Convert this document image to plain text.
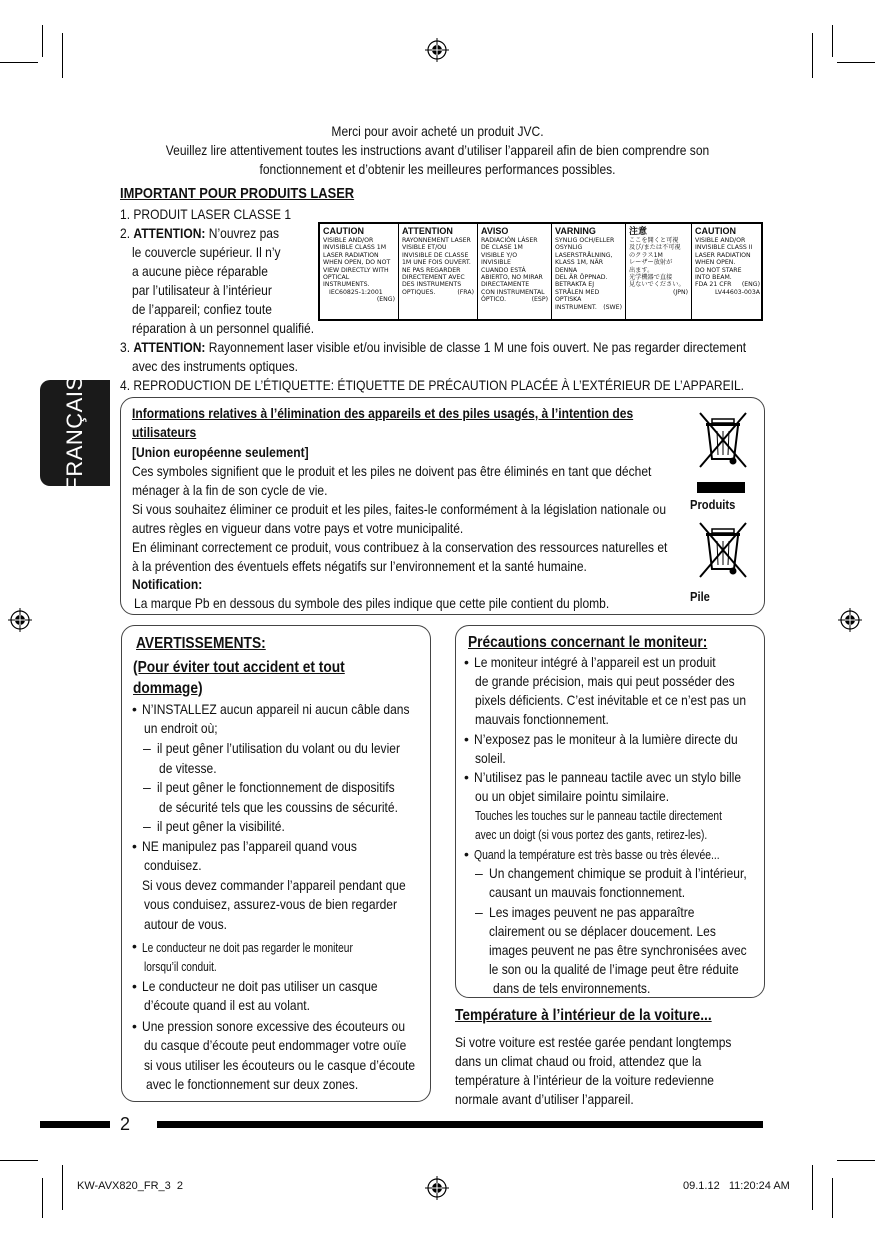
Merci pour avoir acheté un produit JVC.
Veuillez lire attentivement toutes les instructions avant d’utiliser l’appareil afin de bien comprendre son
fonctionnement et d’obtenir les meilleures performances possibles.
IMPORTANT POUR PRODUITS LASER
1. PRODUIT LASER CLASSE 1
2. ATTENTION: N’ouvrez pas
le couvercle supérieur. Il n’y
a aucune pièce réparable
par l’utilisateur à l’intérieur
de l’appareil; confiez toute
réparation à un personnel qualifié.
3. ATTENTION: Rayonnement laser visible et/ou invisible de classe 1 M une fois ouvert. Ne pas regarder directement
avec des instruments optiques.
4. REPRODUCTION DE L’ÉTIQUETTE: ÉTIQUETTE DE PRÉCAUTION PLACÉE À L’EXTÉRIEUR DE L’APPAREIL.
CAUTION
VISIBLE AND/OR
INVISIBLE CLASS 1M
LASER RADIATION
WHEN OPEN, DO NOT
VIEW DIRECTLY WITH
OPTICAL INSTRUMENTS.
IEC60825-1:2001
(ENG)
ATTENTION
RAYONNEMENT LASER
VISIBLE ET/OU
INVISIBLE DE CLASSE
1M UNE FOIS OUVERT.
NE PAS REGARDER
DIRECTEMENT AVEC
DES INSTRUMENTS
OPTIQUES.	(FRA)
AVISO
RADIACIÓN LÁSER
DE CLASE 1M
VISIBLE Y/O INVISIBLE
CUANDO ESTÁ
ABIERTO, NO MIRAR
DIRECTAMENTE
CON INSTRUMENTAL
ÓPTICO.	(ESP)
VARNING
SYNLIG OCH/ELLER
OSYNLIG
LASERSTRÅLNING,
KLASS 1M, NÄR DENNA
DEL ÄR ÖPPNAD.
BETRAKTA EJ
STRÅLEN MED OPTISKA
INSTRUMENT. (SWE)
注意
ここを開くと可視
及び/または不可視
のクラス1M
レーザー放射が
出ます。
光学機器で直接
見ないでください。
(JPN)
CAUTION
VISIBLE AND/OR
INVISIBLE CLASS II
LASER RADIATION
WHEN OPEN.
DO NOT STARE
INTO BEAM.
FDA 21 CFR (ENG)
LV44603-003A
FRANÇAIS	Informations relatives à l’élimination des appareils et des piles usagés, à l’intention des
utilisateurs
[Union européenne seulement]
Ces symboles signifient que le produit et les piles ne doivent pas être éliminés en tant que déchet
ménager à la fin de son cycle de vie.
Si vous souhaitez éliminer ce produit et les piles, faites-le conformément à la législation nationale ou
autres règles en vigueur dans votre pays et votre municipalité.
En éliminant correctement ce produit, vous contribuez à la conservation des ressources naturelles et
à la prévention des éventuels effets négatifs sur l’environnement et la santé humaine.
Notification:
La marque Pb en dessous du symbole des piles indique que cette pile contient du plomb.
Produits
Pile
AVERTISSEMENTS:
(Pour éviter tout accident et tout
dommage)
• N’INSTALLEZ aucun appareil ni aucun câble dans
un endroit où;
– il peut gêner l’utilisation du volant ou du levier
de vitesse.
– il peut gêner le fonctionnement de dispositifs
de sécurité tels que les coussins de sécurité.
– il peut gêner la visibilité.
• NE manipulez pas l’appareil quand vous
conduisez.
Si vous devez commander l’appareil pendant que
vous conduisez, assurez-vous de bien regarder
autour de vous.
• Le conducteur ne doit pas regarder le moniteur
lorsqu’il conduit.
• Le conducteur ne doit pas utiliser un casque
d’écoute quand il est au volant.
• Une pression sonore excessive des écouteurs ou
du casque d’écoute peut endommager votre ouïe
si vous utiliser les écouteurs ou le casque d’écoute
avec le fonctionnement sur deux zones.
Précautions concernant le moniteur:
• Le moniteur intégré à l’appareil est un produit
de grande précision, mais qui peut posséder des
pixels déficients. C’est inévitable et ce n’est pas un
mauvais fonctionnement.
• N’exposez pas le moniteur à la lumière directe du
soleil.
• N’utilisez pas le panneau tactile avec un stylo bille
ou un objet similaire pointu similaire.
Touches les touches sur le panneau tactile directement
avec un doigt (si vous portez des gants, retirez-les).
• Quand la température est très basse ou très élevée...
– Un changement chimique se produit à l’intérieur,
causant un mauvais fonctionnement.
– Les images peuvent ne pas apparaître
clairement ou se déplacer doucement. Les
images peuvent ne pas être synchronisées avec
le son ou la qualité de l’image peut être réduite
dans de tels environnements.
Température à l’intérieur de la voiture...
Si votre voiture est restée garée pendant longtemps
dans un climat chaud ou froid, attendez que la
température à l’intérieur de la voiture redevienne
normale avant d’utiliser l’appareil.
2
KW-AVX820_FR_3 2	09.1.12   11:20:24 AM
